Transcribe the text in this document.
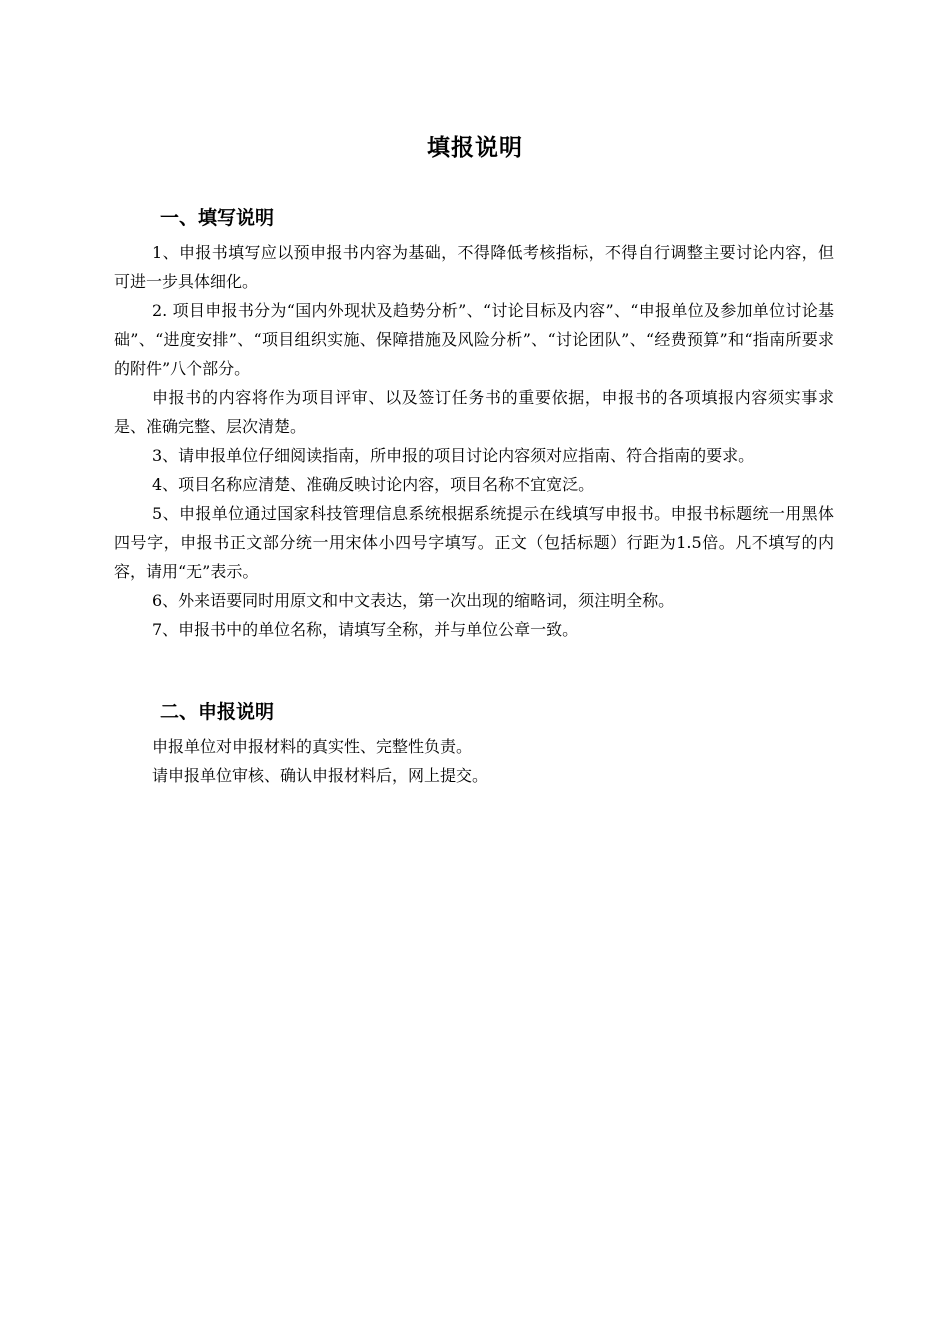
填报说明
一、填写说明

1、申报书填写应以预申报书内容为基础，不得降低考核指标，不得自行调整主要讨论内容，但可进一步具体细化。

2. 项目申报书分为“国内外现状及趋势分析”、“讨论目标及内容”、“申报单位及参加单位讨论基础”、“进度安排”、“项目组织实施、保障措施及风险分析”、“讨论团队”、“经费预算”和“指南所要求的附件”八个部分。

申报书的内容将作为项目评审、以及签订任务书的重要依据，申报书的各项填报内容须实事求是、准确完整、层次清楚。

3、请申报单位仔细阅读指南，所申报的项目讨论内容须对应指南、符合指南的要求。

4、项目名称应清楚、准确反映讨论内容，项目名称不宜宽泛。

5、申报单位通过国家科技管理信息系统根据系统提示在线填写申报书。申报书标题统一用黑体四号字，申报书正文部分统一用宋体小四号字填写。正文（包括标题）行距为1.5倍。凡不填写的内容，请用“无”表示。

6、外来语要同时用原文和中文表达，第一次出现的缩略词，须注明全称。

7、申报书中的单位名称，请填写全称，并与单位公章一致。

二、申报说明

申报单位对申报材料的真实性、完整性负责。

请申报单位审核、确认申报材料后，网上提交。
